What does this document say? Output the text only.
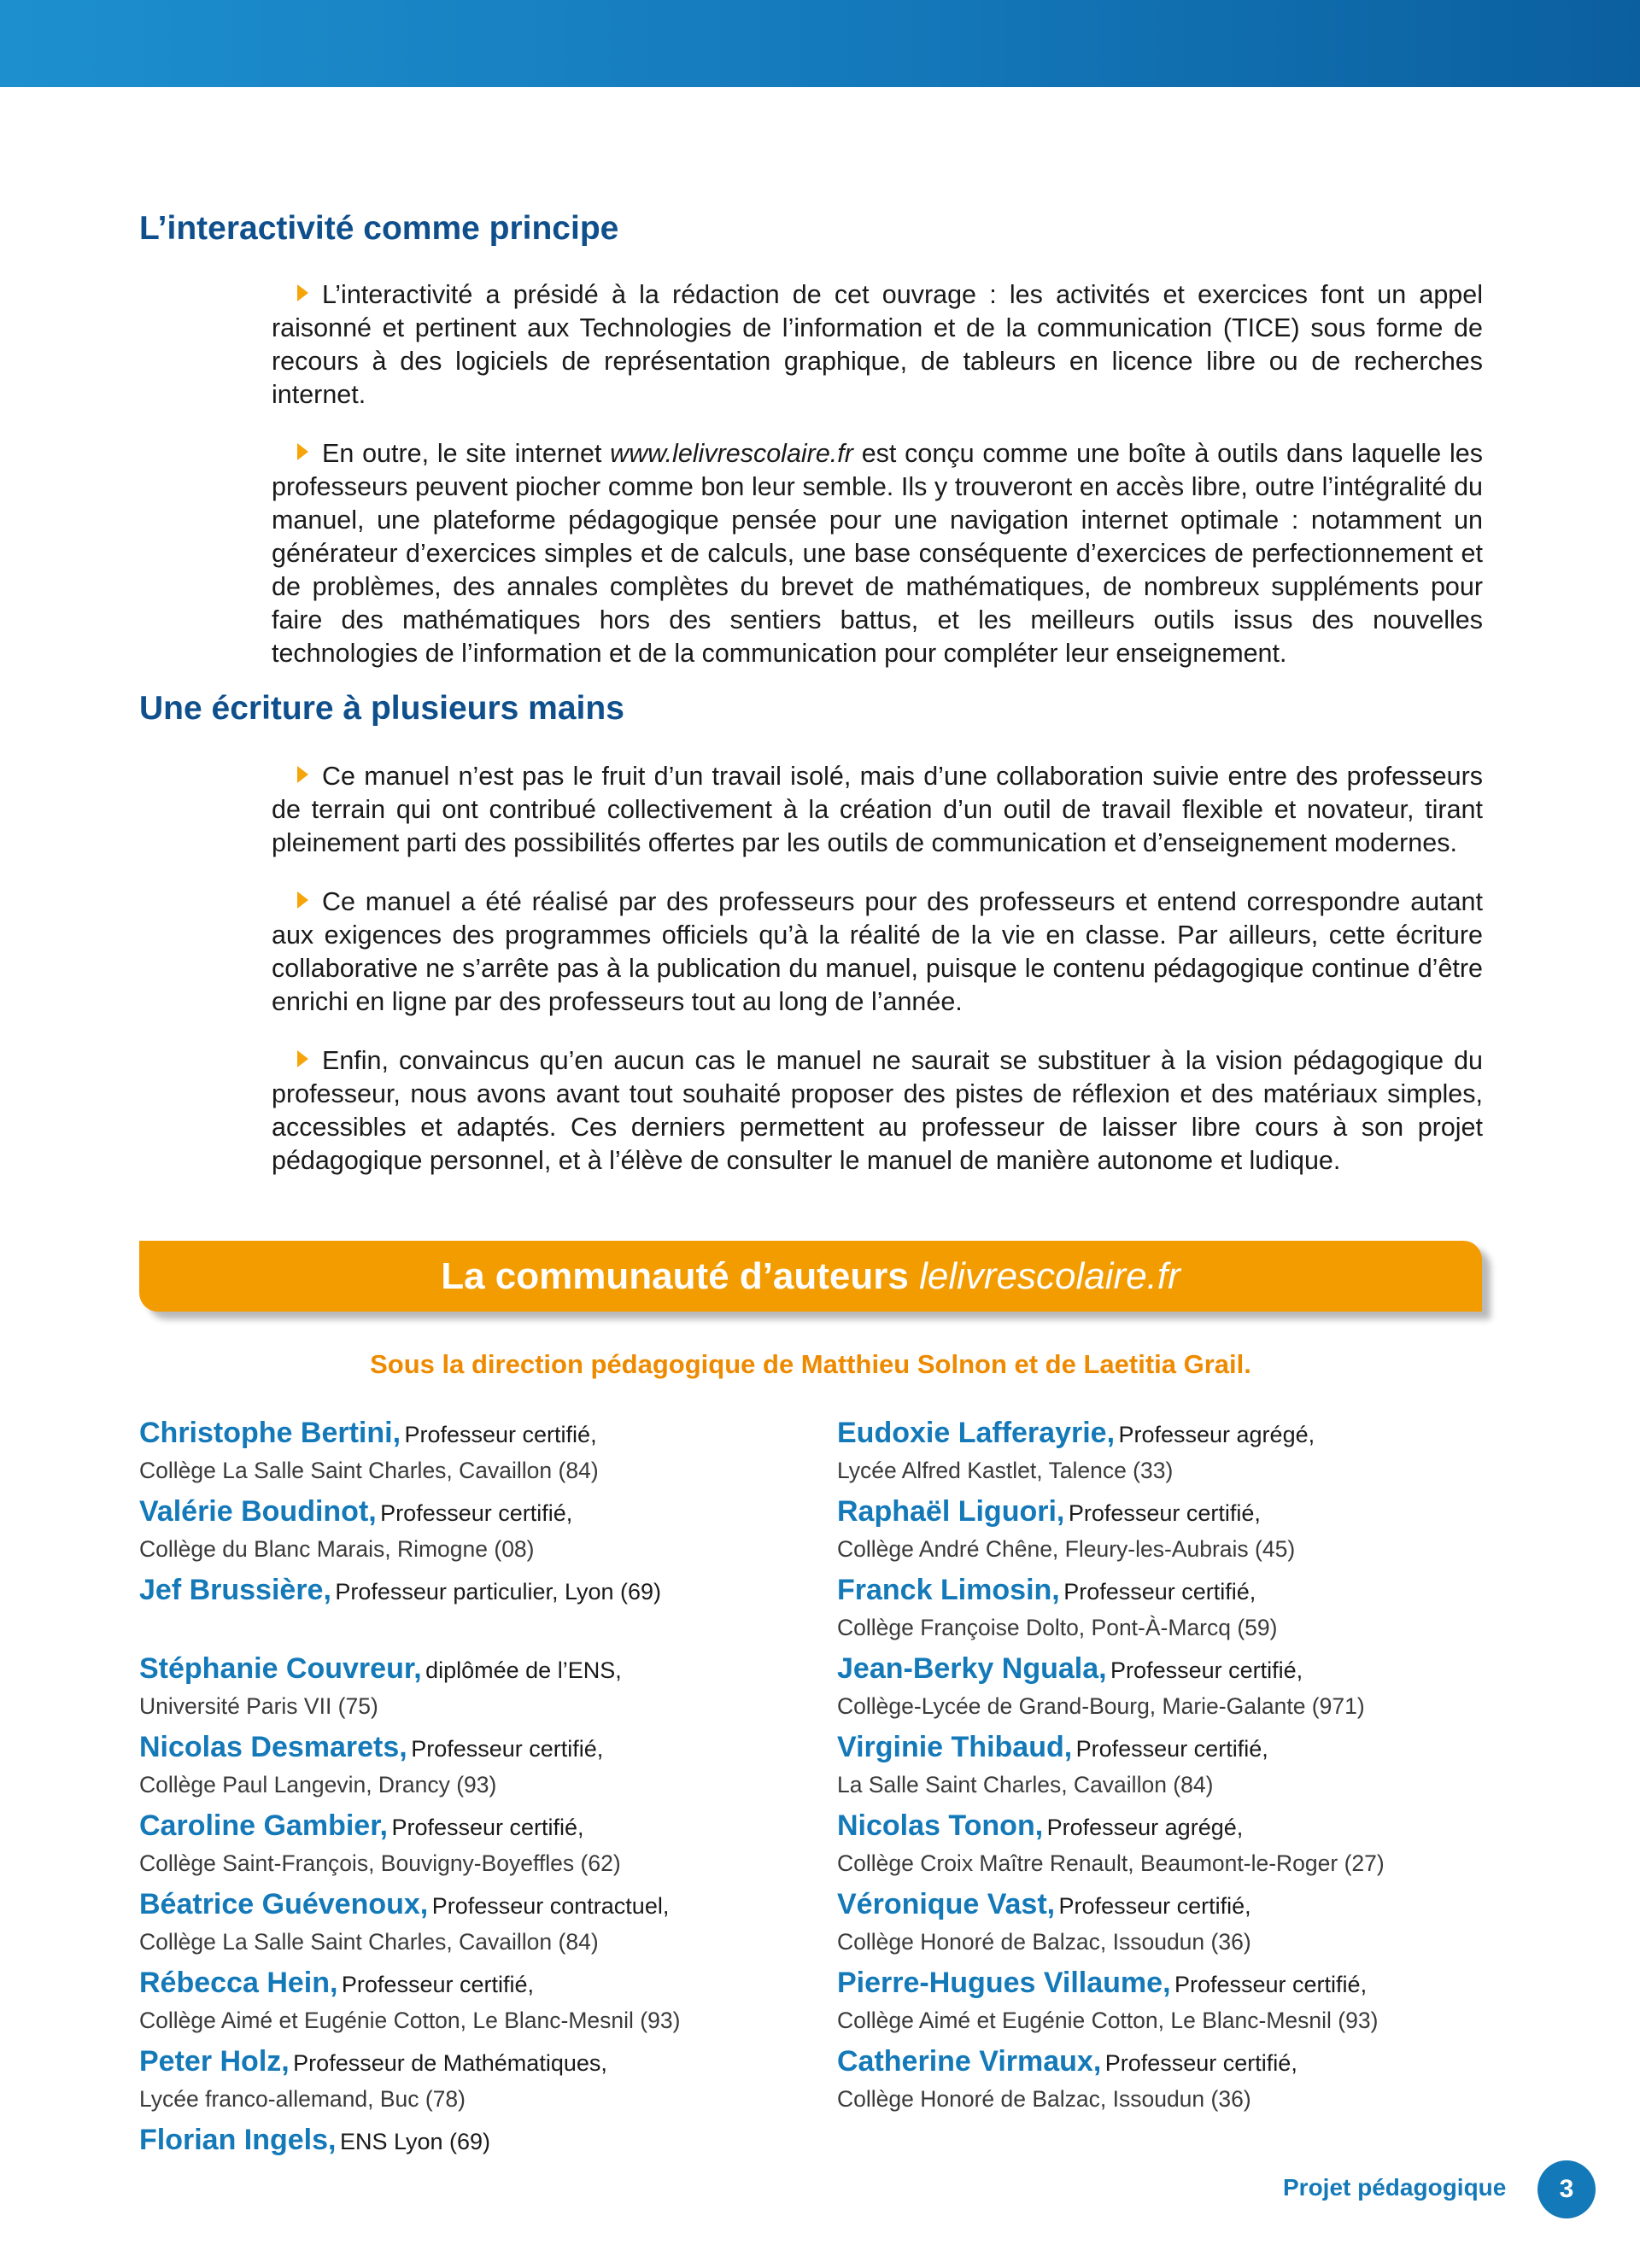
L’interactivité comme principe

L’interactivité a présidé à la rédaction de cet ouvrage : les activités et exercices font un appel raisonné et pertinent aux Technologies de l’information et de la communication (TICE) sous forme de recours à des logiciels de représentation graphique, de tableurs en licence libre ou de recherches internet.

En outre, le site internet www.lelivrescolaire.fr est conçu comme une boîte à outils dans laquelle les professeurs peuvent piocher comme bon leur semble. Ils y trouveront en accès libre, outre l’intégralité du manuel, une plateforme pédagogique pensée pour une navigation internet optimale : notamment un générateur d’exercices simples et de calculs, une base conséquente d’exercices de perfectionnement et de problèmes, des annales complètes du brevet de mathématiques, de nombreux suppléments pour faire des mathématiques hors des sentiers battus, et les meilleurs outils issus des nouvelles technologies de l’information et de la communication pour compléter leur enseignement.

Une écriture à plusieurs mains

Ce manuel n’est pas le fruit d’un travail isolé, mais d’une collaboration suivie entre des professeurs de terrain qui ont contribué collectivement à la création d’un outil de travail flexible et novateur, tirant pleinement parti des possibilités offertes par les outils de communication et d’enseignement modernes.

Ce manuel a été réalisé par des professeurs pour des professeurs et entend correspondre autant aux exigences des programmes officiels qu’à la réalité de la vie en classe. Par ailleurs, cette écriture collaborative ne s’arrête pas à la publication du manuel, puisque le contenu pédagogique continue d’être enrichi en ligne par des professeurs tout au long de l’année.

Enfin, convaincus qu’en aucun cas le manuel ne saurait se substituer à la vision pédagogique du professeur, nous avons avant tout souhaité proposer des pistes de réflexion et des matériaux simples, accessibles et adaptés. Ces derniers permettent au professeur de laisser libre cours à son projet pédagogique personnel, et à l’élève de consulter le manuel de manière autonome et ludique.

La communauté d’auteurs lelivrescolaire.fr

Sous la direction pédagogique de Matthieu Solnon et de Laetitia Grail.

Christophe Bertini, Professeur certifié,
Collège La Salle Saint Charles, Cavaillon (84)
Valérie Boudinot, Professeur certifié,
Collège du Blanc Marais, Rimogne (08)
Jef Brussière, Professeur particulier, Lyon (69)
Stéphanie Couvreur, diplômée de l’ENS,
Université Paris VII (75)
Nicolas Desmarets, Professeur certifié,
Collège Paul Langevin, Drancy (93)
Caroline Gambier, Professeur certifié,
Collège Saint-François, Bouvigny-Boyeffles (62)
Béatrice Guévenoux, Professeur contractuel,
Collège La Salle Saint Charles, Cavaillon (84)
Rébecca Hein, Professeur certifié,
Collège Aimé et Eugénie Cotton, Le Blanc-Mesnil (93)
Peter Holz, Professeur de Mathématiques,
Lycée franco-allemand, Buc (78)
Florian Ingels, ENS Lyon (69)
Eudoxie Lafferayrie, Professeur agrégé,
Lycée Alfred Kastlet, Talence (33)
Raphaël Liguori, Professeur certifié,
Collège André Chêne, Fleury-les-Aubrais (45)
Franck Limosin, Professeur certifié,
Collège Françoise Dolto, Pont-À-Marcq (59)
Jean-Berky Nguala, Professeur certifié,
Collège-Lycée de Grand-Bourg, Marie-Galante (971)
Virginie Thibaud, Professeur certifié,
La Salle Saint Charles, Cavaillon (84)
Nicolas Tonon, Professeur agrégé,
Collège Croix Maître Renault, Beaumont-le-Roger (27)
Véronique Vast, Professeur certifié,
Collège Honoré de Balzac, Issoudun (36)
Pierre-Hugues Villaume, Professeur certifié,
Collège Aimé et Eugénie Cotton, Le Blanc-Mesnil (93)
Catherine Virmaux, Professeur certifié,
Collège Honoré de Balzac, Issoudun (36)
Projet pédagogique	3
